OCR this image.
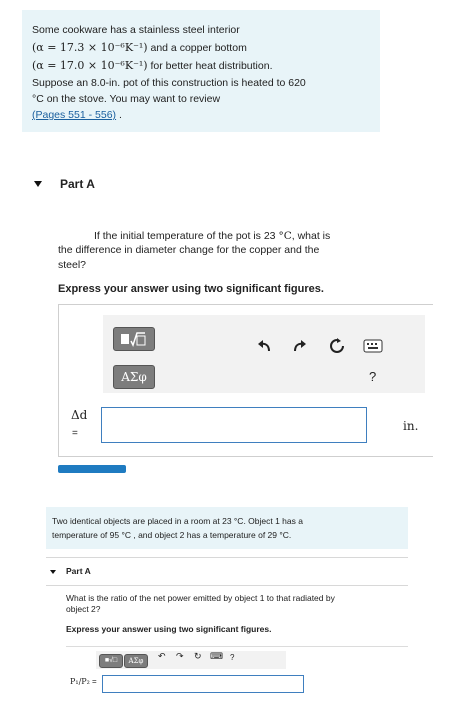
Some cookware has a stainless steel interior
(α = 17.3 × 10⁻⁶K⁻¹) and a copper bottom
(α = 17.0 × 10⁻⁶K⁻¹) for better heat distribution.
Suppose an 8.0-in. pot of this construction is heated to 620
°C on the stove. You may want to review
(Pages 551 - 556) .
Part A
If the initial temperature of the pot is 23 °C, what is
the difference in diameter change for the copper and the
steel?
Express your answer using two significant figures.
ΑΣφ	?
Δd
=
in.
Two identical objects are placed in a room at 23 °C. Object 1 has a
temperature of 95 °C , and object 2 has a temperature of 29 °C.
Part A
What is the ratio of the net power emitted by object 1 to that radiated by
object 2?
Express your answer using two significant figures.
■√□	ΑΣφ	↶ ↷ ↻ ⌨ ?
P₁/P₂ =
